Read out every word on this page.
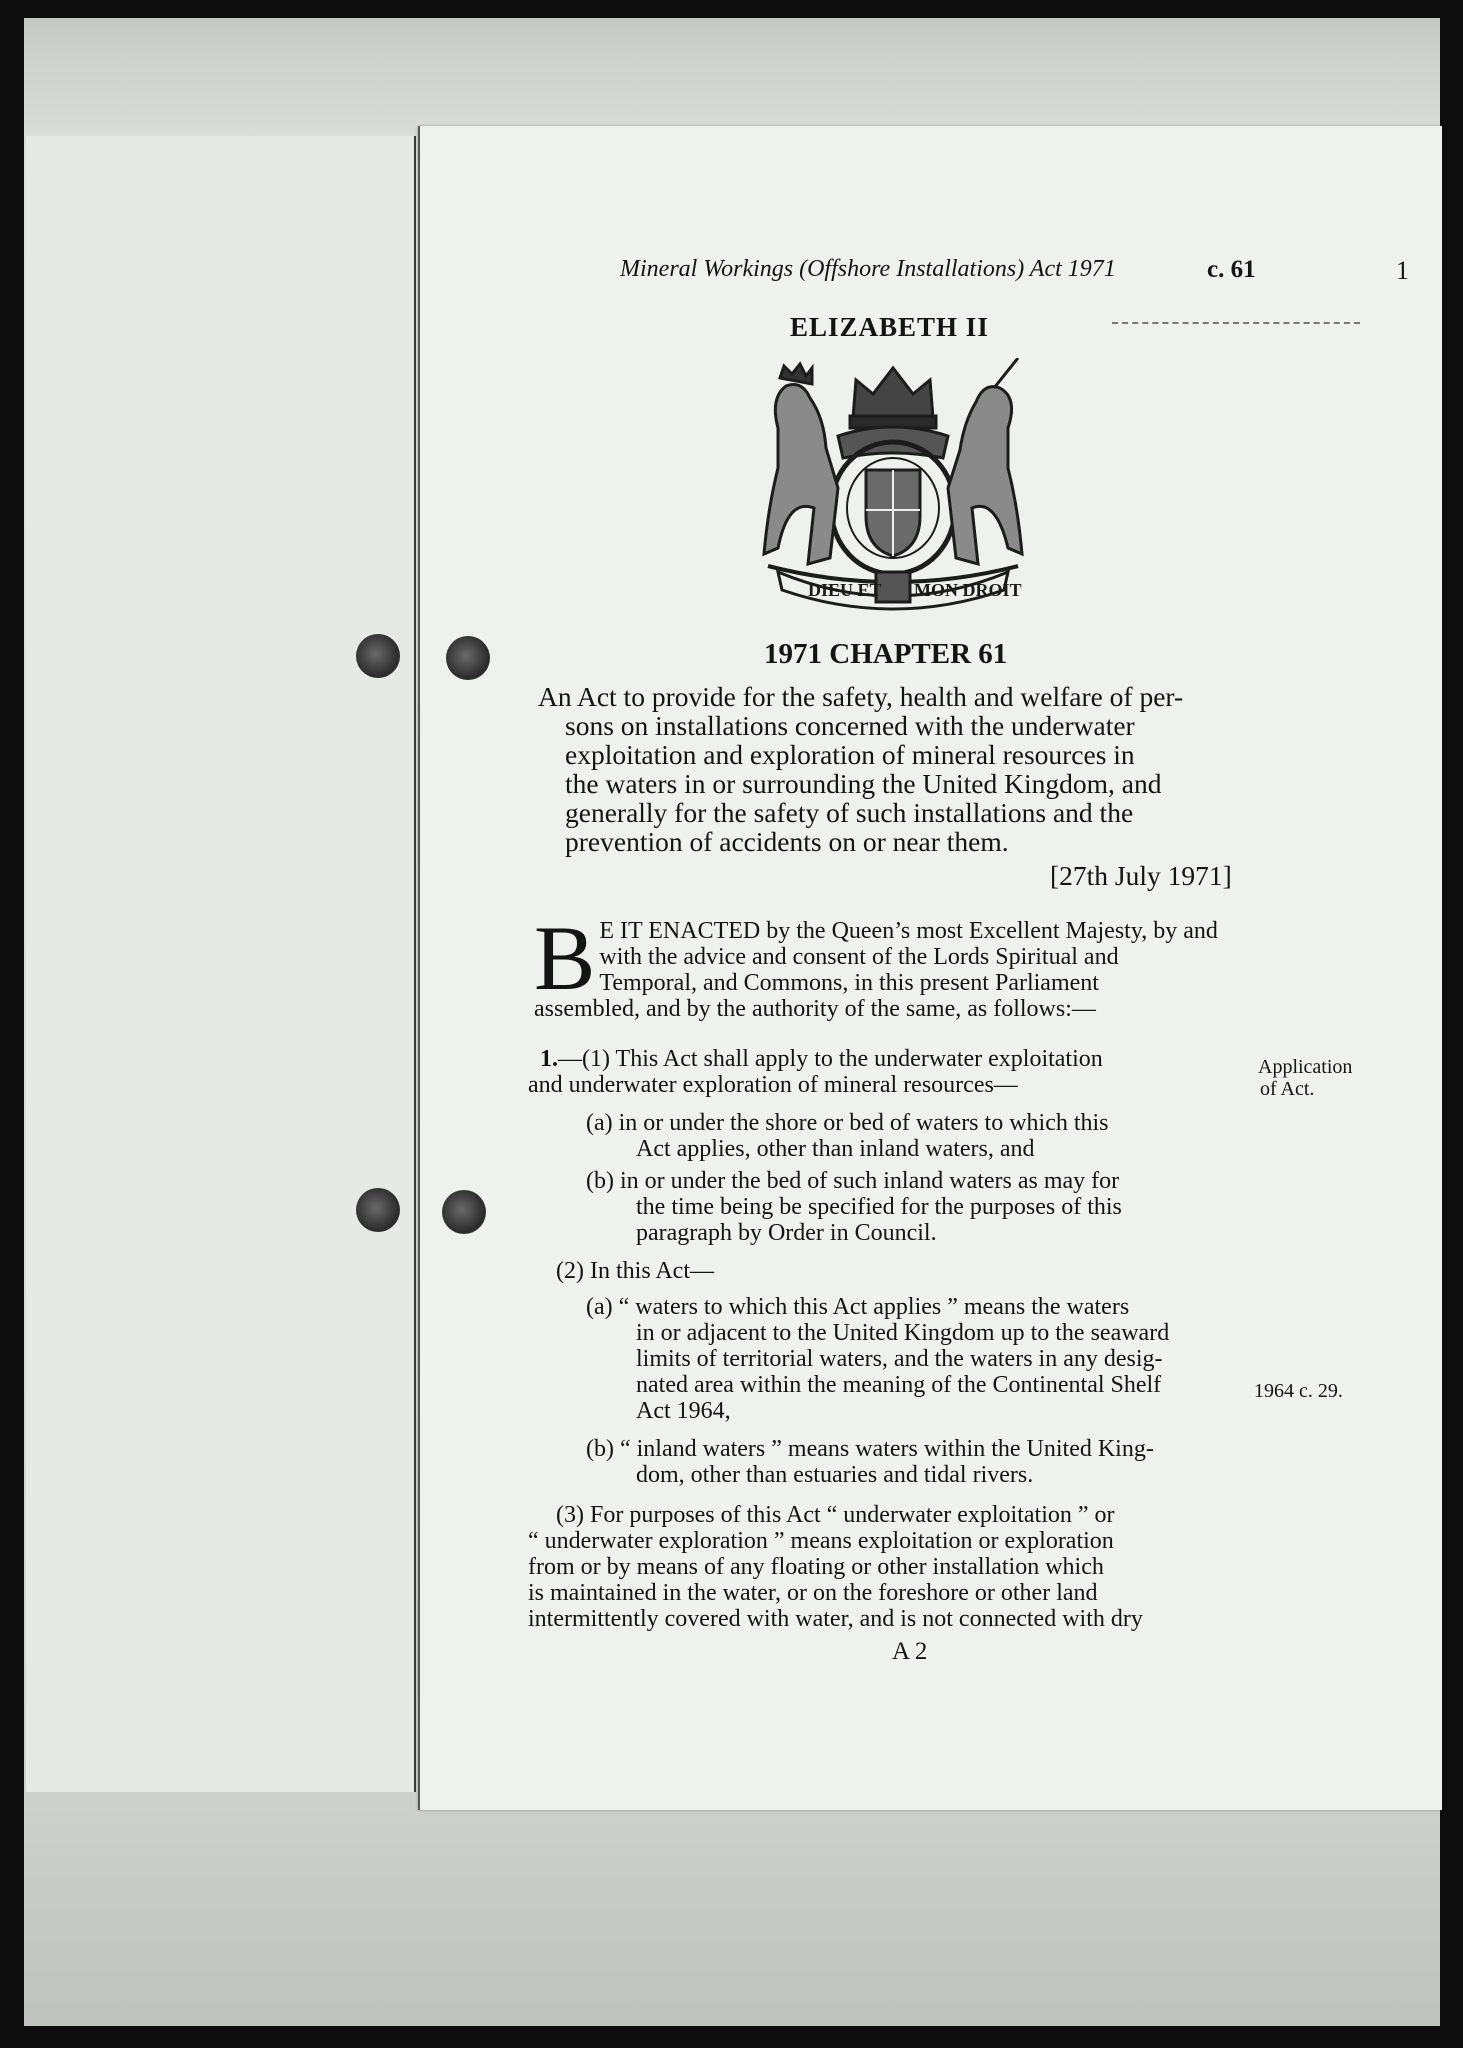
Mineral Workings (Offshore Installations) Act 1971	c. 61	1
ELIZABETH II
DIEU ET MON DROIT
1971 CHAPTER 61
An Act to provide for the safety, health and welfare of per-
sons on installations concerned with the underwater
exploitation and exploration of mineral resources in
the waters in or surrounding the United Kingdom, and
generally for the safety of such installations and the
prevention of accidents on or near them.
[27th July 1971]
B E IT ENACTED by the Queen’s most Excellent Majesty, by and
with the advice and consent of the Lords Spiritual and
Temporal, and Commons, in this present Parliament
assembled, and by the authority of the same, as follows:—
1.—(1) This Act shall apply to the underwater exploitation
and underwater exploration of mineral resources—
(a) in or under the shore or bed of waters to which this
Act applies, other than inland waters, and
(b) in or under the bed of such inland waters as may for
the time being be specified for the purposes of this
paragraph by Order in Council.
(2) In this Act—
(a) “ waters to which this Act applies ” means the waters
in or adjacent to the United Kingdom up to the seaward
limits of territorial waters, and the waters in any desig-
nated area within the meaning of the Continental Shelf
Act 1964,
(b) “ inland waters ” means waters within the United King-
dom, other than estuaries and tidal rivers.
(3) For purposes of this Act “ underwater exploitation ” or
“ underwater exploration ” means exploitation or exploration
from or by means of any floating or other installation which
is maintained in the water, or on the foreshore or other land
intermittently covered with water, and is not connected with dry
Application
of Act.
1964 c. 29.
A 2
